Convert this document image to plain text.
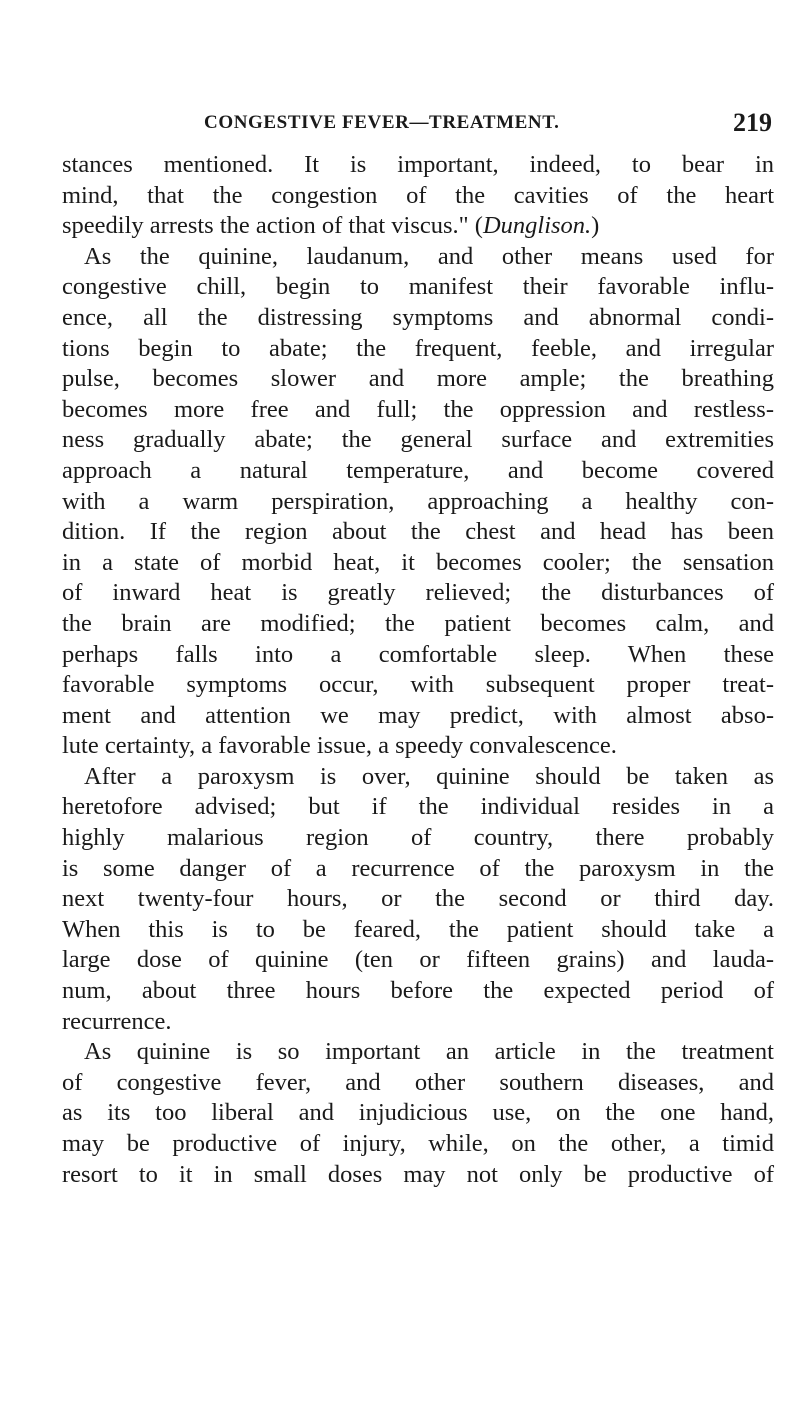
CONGESTIVE FEVER—TREATMENT.	219
stances mentioned. It is important, indeed, to bear in
mind, that the congestion of the cavities of the heart
speedily arrests the action of that viscus." (Dunglison.)
As the quinine, laudanum, and other means used for
congestive chill, begin to manifest their favorable influ-
ence, all the distressing symptoms and abnormal condi-
tions begin to abate; the frequent, feeble, and irregular
pulse, becomes slower and more ample; the breathing
becomes more free and full; the oppression and restless-
ness gradually abate; the general surface and extremities
approach a natural temperature, and become covered
with a warm perspiration, approaching a healthy con-
dition. If the region about the chest and head has been
in a state of morbid heat, it becomes cooler; the sensation
of inward heat is greatly relieved; the disturbances of
the brain are modified; the patient becomes calm, and
perhaps falls into a comfortable sleep. When these
favorable symptoms occur, with subsequent proper treat-
ment and attention we may predict, with almost abso-
lute certainty, a favorable issue, a speedy convalescence.
After a paroxysm is over, quinine should be taken as
heretofore advised; but if the individual resides in a
highly malarious region of country, there probably
is some danger of a recurrence of the paroxysm in the
next twenty-four hours, or the second or third day.
When this is to be feared, the patient should take a
large dose of quinine (ten or fifteen grains) and lauda-
num, about three hours before the expected period of
recurrence.
As quinine is so important an article in the treatment
of congestive fever, and other southern diseases, and
as its too liberal and injudicious use, on the one hand,
may be productive of injury, while, on the other, a timid
resort to it in small doses may not only be productive of
